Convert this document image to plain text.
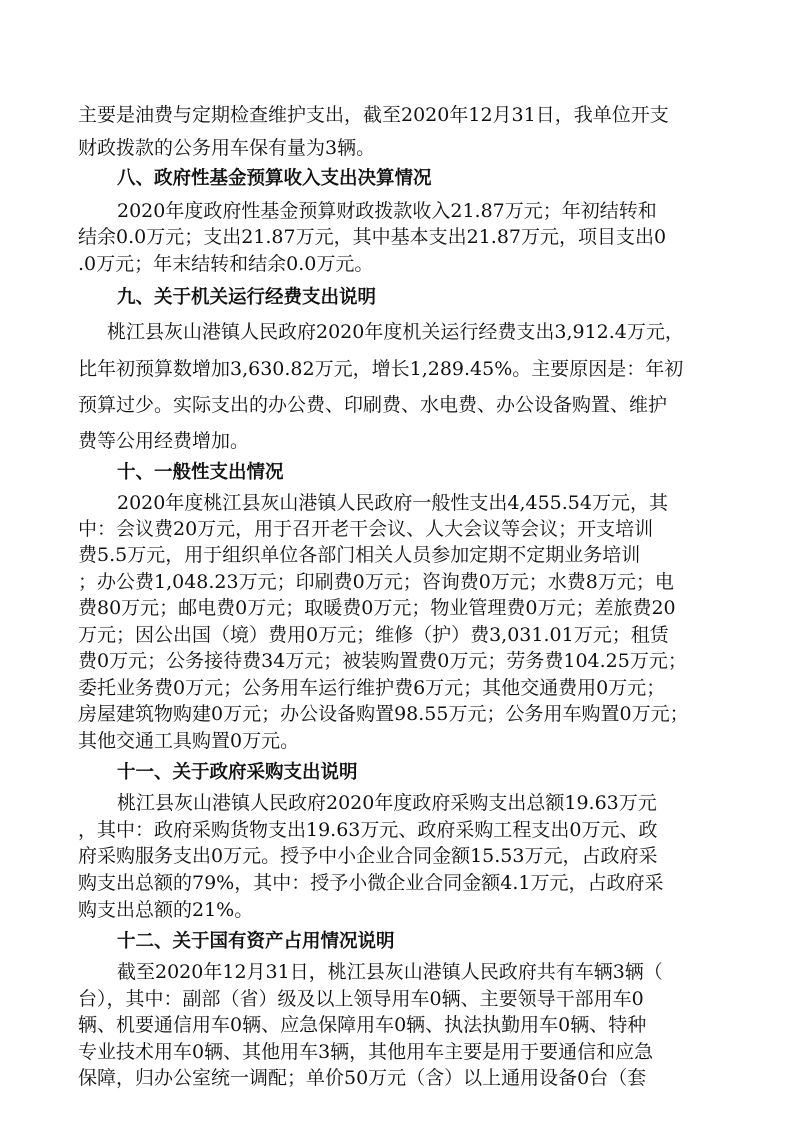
主要是油费与定期检查维护支出，截至2020年12月31日，我单位开支
财政拨款的公务用车保有量为3辆。
八、政府性基金预算收入支出决算情况
2020年度政府性基金预算财政拨款收入21.87万元；年初结转和
结余0.0万元；支出21.87万元，其中基本支出21.87万元，项目支出0
.0万元；年末结转和结余0.0万元。
九、关于机关运行经费支出说明
桃江县灰山港镇人民政府2020年度机关运行经费支出3,912.4万元，
比年初预算数增加3,630.82万元，增长1,289.45%。主要原因是：年初
预算过少。实际支出的办公费、印刷费、水电费、办公设备购置、维护
费等公用经费增加。
十、一般性支出情况
2020年度桃江县灰山港镇人民政府一般性支出4,455.54万元，其
中：会议费20万元，用于召开老干会议、人大会议等会议；开支培训
费5.5万元，用于组织单位各部门相关人员参加定期不定期业务培训
；办公费1,048.23万元；印刷费0万元；咨询费0万元；水费8万元；电
费80万元；邮电费0万元；取暖费0万元；物业管理费0万元；差旅费20
万元；因公出国（境）费用0万元；维修（护）费3,031.01万元；租赁
费0万元；公务接待费34万元；被装购置费0万元；劳务费104.25万元；
委托业务费0万元；公务用车运行维护费6万元；其他交通费用0万元；
房屋建筑物购建0万元；办公设备购置98.55万元；公务用车购置0万元；
其他交通工具购置0万元。
十一、关于政府采购支出说明
桃江县灰山港镇人民政府2020年度政府采购支出总额19.63万元
，其中：政府采购货物支出19.63万元、政府采购工程支出0万元、政
府采购服务支出0万元。授予中小企业合同金额15.53万元，占政府采
购支出总额的79%，其中：授予小微企业合同金额4.1万元，占政府采
购支出总额的21%。
十二、关于国有资产占用情况说明
截至2020年12月31日，桃江县灰山港镇人民政府共有车辆3辆（
台），其中：副部（省）级及以上领导用车0辆、主要领导干部用车0
辆、机要通信用车0辆、应急保障用车0辆、执法执勤用车0辆、特种
专业技术用车0辆、其他用车3辆，其他用车主要是用于要通信和应急
保障，归办公室统一调配；单价50万元（含）以上通用设备0台（套
